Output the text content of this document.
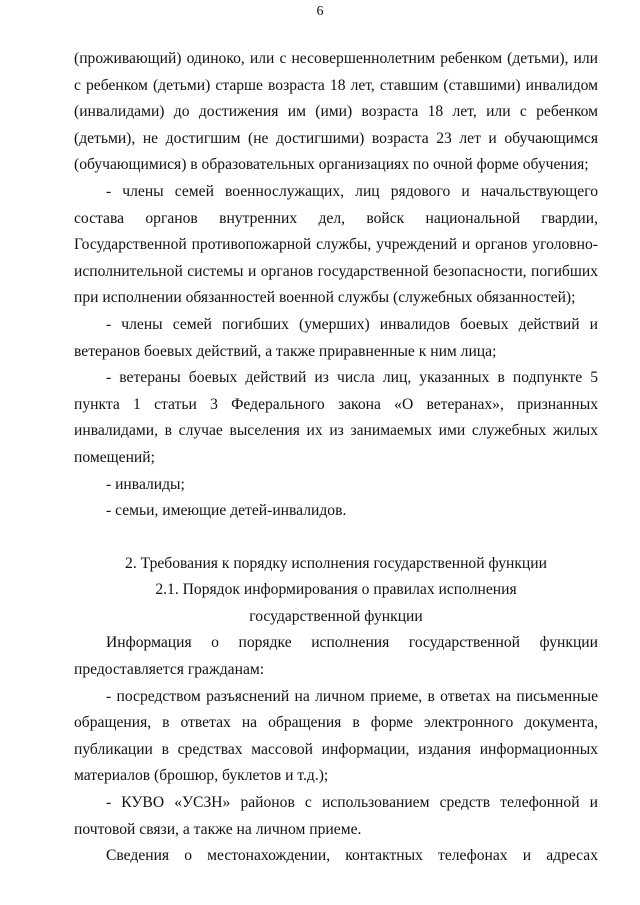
6

(проживающий) одиноко, или с несовершеннолетним ребенком (детьми), или с ребенком (детьми) старше возраста 18 лет, ставшим (ставшими) инвалидом (инвалидами) до достижения им (ими) возраста 18 лет, или с ребенком (детьми), не достигшим (не достигшими) возраста 23 лет и обучающимся (обучающимися) в образовательных организациях по очной форме обучения;

- члены семей военнослужащих, лиц рядового и начальствующего состава органов внутренних дел, войск национальной гвардии, Государственной противопожарной службы, учреждений и органов уголовно-исполнительной системы и органов государственной безопасности, погибших при исполнении обязанностей военной службы (служебных обязанностей);

- члены семей погибших (умерших) инвалидов боевых действий и ветеранов боевых действий, а также приравненные к ним лица;

- ветераны боевых действий из числа лиц, указанных в подпункте 5 пункта 1 статьи 3 Федерального закона «О ветеранах», признанных инвалидами, в случае выселения их из занимаемых ими служебных жилых помещений;

- инвалиды;

- семьи, имеющие детей-инвалидов.

2. Требования к порядку исполнения государственной функции

2.1. Порядок информирования о правилах исполнения

государственной функции

Информация о порядке исполнения государственной функции предоставляется гражданам:

- посредством разъяснений на личном приеме, в ответах на письменные обращения, в ответах на обращения в форме электронного документа, публикации в средствах массовой информации, издания информационных материалов (брошюр, буклетов и т.д.);

- КУВО «УСЗН» районов с использованием средств телефонной и почтовой связи, а также на личном приеме.

Сведения о местонахождении, контактных телефонах и адресах
